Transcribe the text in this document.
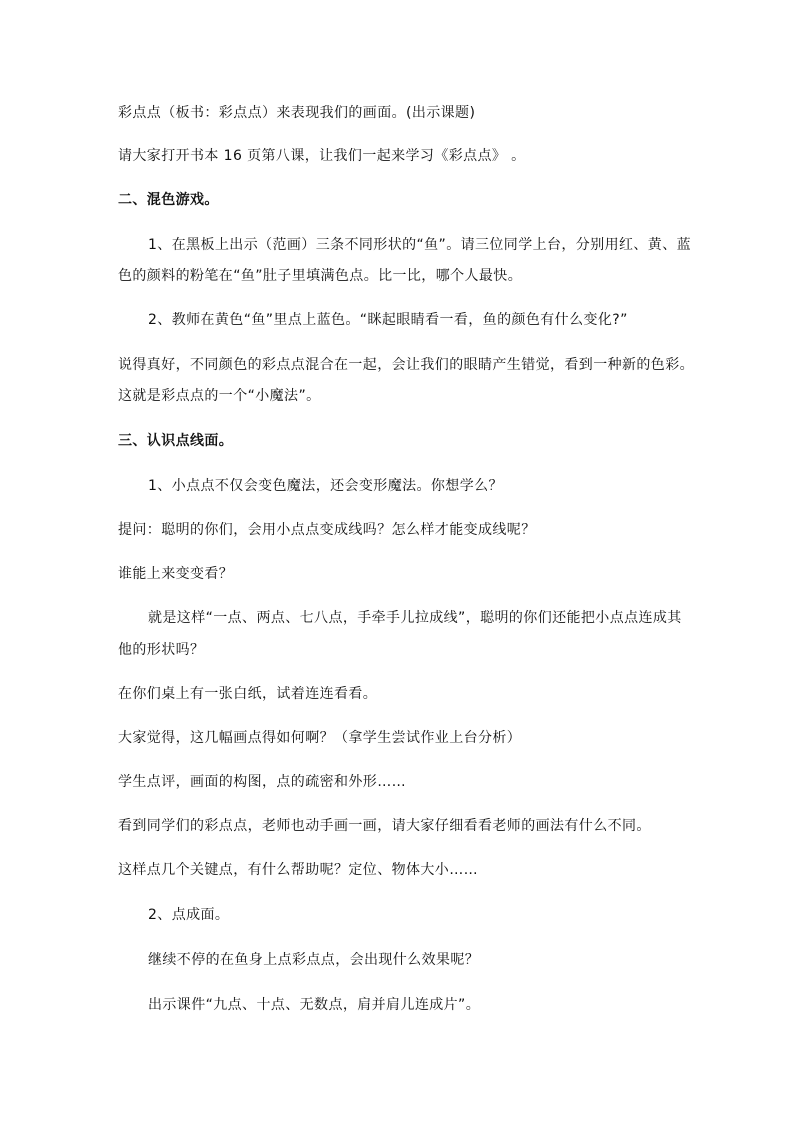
彩点点（板书：彩点点）来表现我们的画面。(出示课题)
请大家打开书本 16 页第八课，让我们一起来学习《彩点点》 。
二、混色游戏。
1、在黑板上出示（范画）三条不同形状的“鱼”。请三位同学上台，分别用红、黄、蓝
色的颜料的粉笔在“鱼”肚子里填满色点。比一比，哪个人最快。
2、教师在黄色“鱼”里点上蓝色。“眯起眼睛看一看，鱼的颜色有什么变化?”
说得真好，不同颜色的彩点点混合在一起，会让我们的眼睛产生错觉，看到一种新的色彩。
这就是彩点点的一个“小魔法”。
三、认识点线面。
1、小点点不仅会变色魔法，还会变形魔法。你想学么？
提问：聪明的你们，会用小点点变成线吗？怎么样才能变成线呢？
谁能上来变变看？
就是这样“一点、两点、七八点，手牵手儿拉成线”，聪明的你们还能把小点点连成其
他的形状吗？
在你们桌上有一张白纸，试着连连看看。
大家觉得，这几幅画点得如何啊？（拿学生尝试作业上台分析）
学生点评，画面的构图，点的疏密和外形……
看到同学们的彩点点，老师也动手画一画，请大家仔细看看老师的画法有什么不同。
这样点几个关键点，有什么帮助呢？定位、物体大小……
2、点成面。
继续不停的在鱼身上点彩点点，会出现什么效果呢？
出示课件“九点、十点、无数点，肩并肩儿连成片”。
